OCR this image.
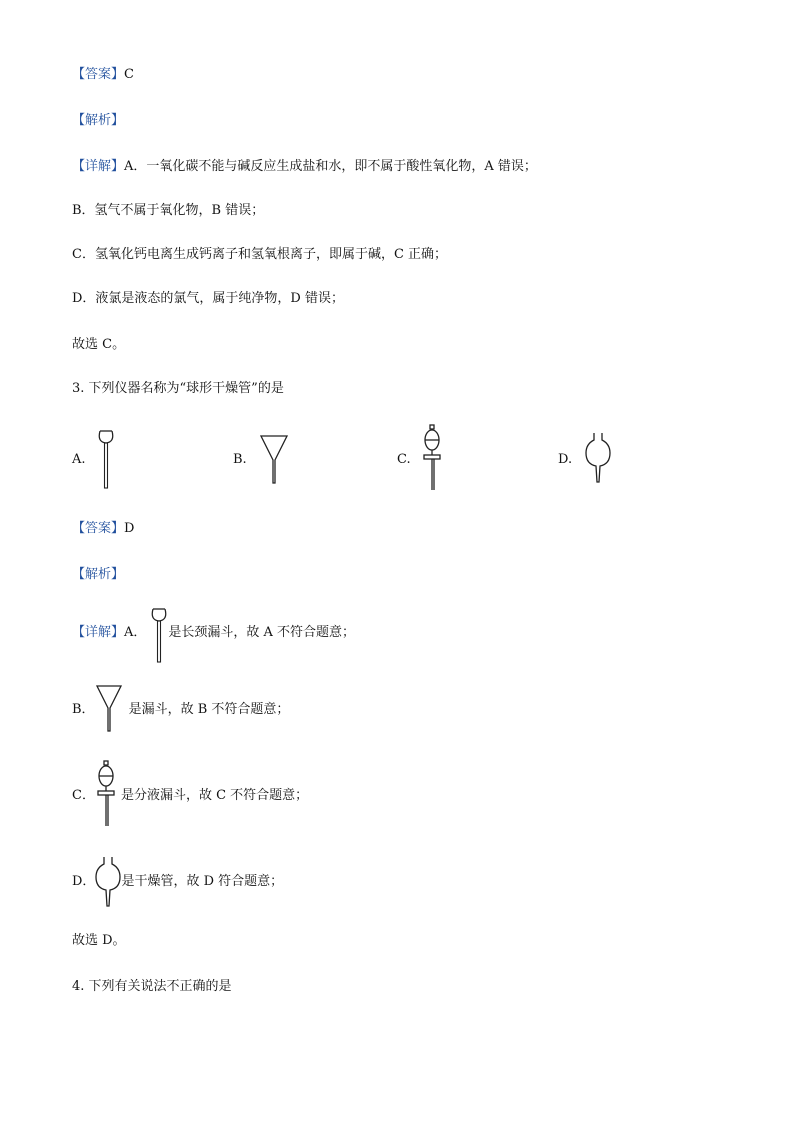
【答案】C
【解析】
【详解】A．一氧化碳不能与碱反应生成盐和水，即不属于酸性氧化物，A 错误；
B．氢气不属于氧化物，B 错误；
C．氢氧化钙电离生成钙离子和氢氧根离子，即属于碱，C 正确；
D．液氯是液态的氯气，属于纯净物，D 错误；
故选 C。
3. 下列仪器名称为“球形干燥管”的是
A.	B.	C.	D.
【答案】D
【解析】
【详解】A． 是长颈漏斗，故 A 不符合题意；
B．	是漏斗，故 B 不符合题意；
C． 是分液漏斗，故 C 不符合题意；
D． 是干燥管，故 D 符合题意；
故选 D。
4. 下列有关说法不正确的是
